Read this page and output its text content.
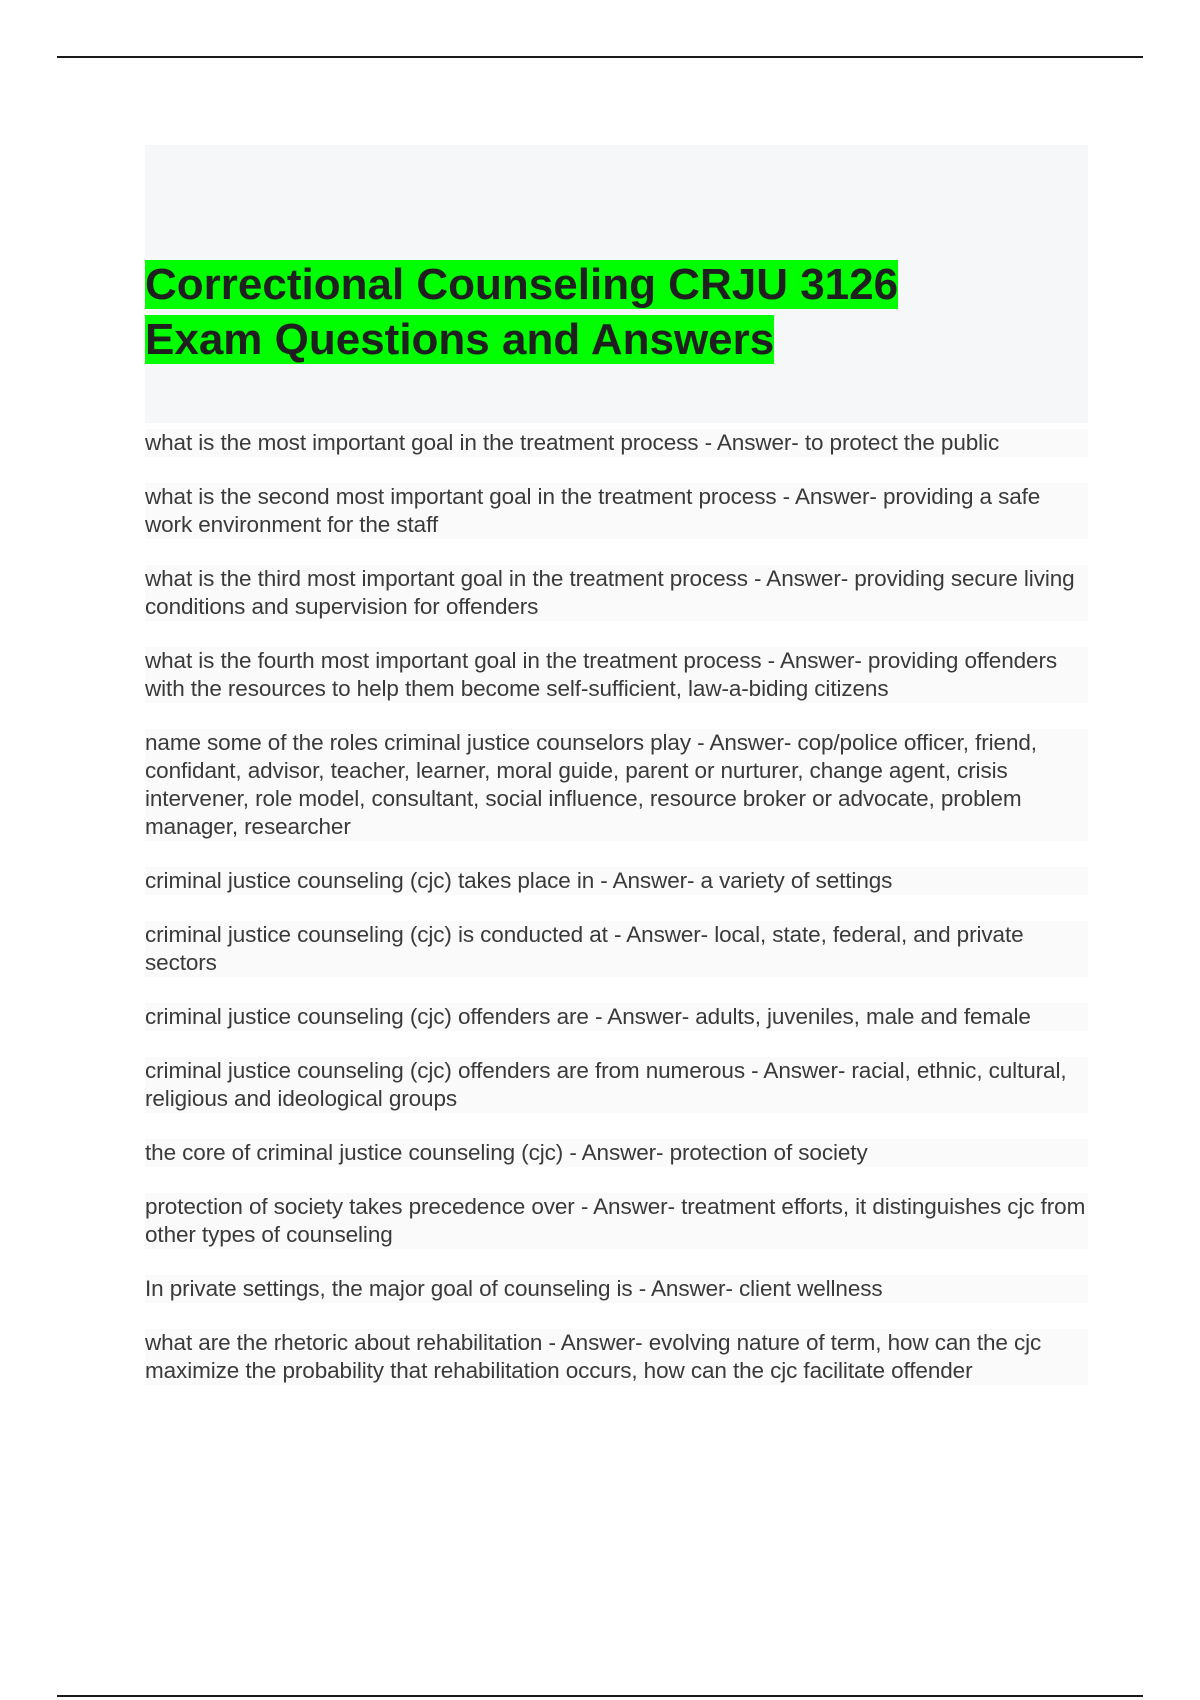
Correctional Counseling CRJU 3126
Exam Questions and Answers

what is the most important goal in the treatment process - Answer- to protect the public

what is the second most important goal in the treatment process - Answer- providing a safe work environment for the staff

what is the third most important goal in the treatment process - Answer- providing secure living conditions and supervision for offenders

what is the fourth most important goal in the treatment process - Answer- providing offenders with the resources to help them become self-sufficient, law-a-biding citizens

name some of the roles criminal justice counselors play - Answer- cop/police officer, friend, confidant, advisor, teacher, learner, moral guide, parent or nurturer, change agent, crisis intervener, role model, consultant, social influence, resource broker or advocate, problem manager, researcher

criminal justice counseling (cjc) takes place in - Answer- a variety of settings

criminal justice counseling (cjc) is conducted at - Answer- local, state, federal, and private sectors

criminal justice counseling (cjc) offenders are - Answer- adults, juveniles, male and female

criminal justice counseling (cjc) offenders are from numerous - Answer- racial, ethnic, cultural, religious and ideological groups

the core of criminal justice counseling (cjc) - Answer- protection of society

protection of society takes precedence over - Answer- treatment efforts, it distinguishes cjc from other types of counseling

In private settings, the major goal of counseling is - Answer- client wellness

what are the rhetoric about rehabilitation - Answer- evolving nature of term, how can the cjc maximize the probability that rehabilitation occurs, how can the cjc facilitate offender
